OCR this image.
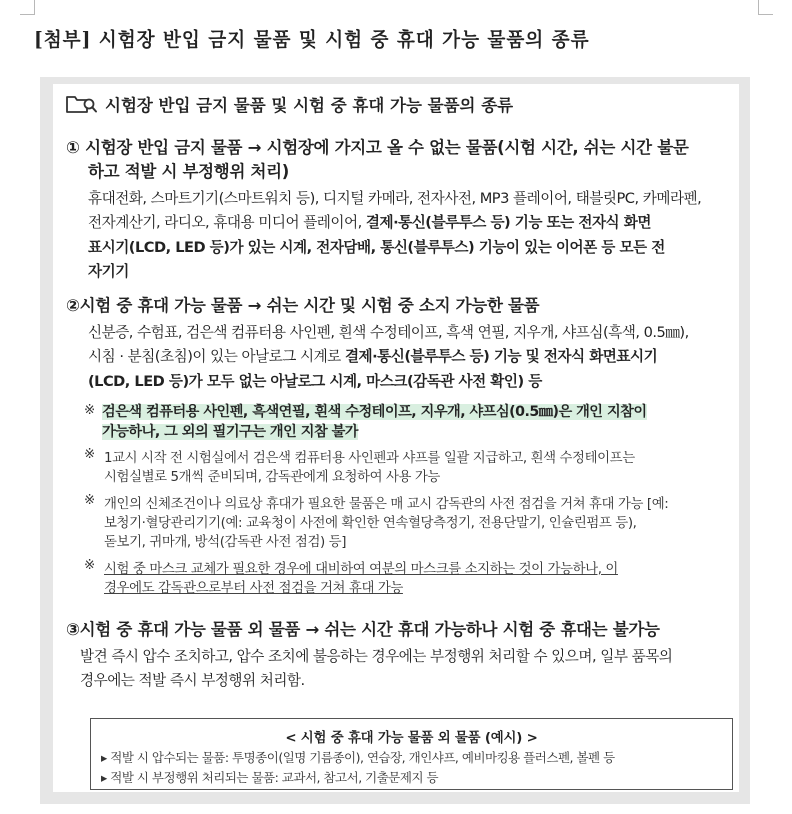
[첨부] 시험장 반입 금지 물품 및 시험 중 휴대 가능 물품의 종류
시험장 반입 금지 물품 및 시험 중 휴대 가능 물품의 종류
① 시험장 반입 금지 물품 → 시험장에 가지고 올 수 없는 물품(시험 시간, 쉬는 시간 불문
하고 적발 시 부정행위 처리)
휴대전화, 스마트기기(스마트워치 등), 디지털 카메라, 전자사전, MP3 플레이어, 태블릿PC, 카메라펜,
전자계산기, 라디오, 휴대용 미디어 플레이어, 결제·통신(블루투스 등) 기능 또는 전자식 화면
표시기(LCD, LED 등)가 있는 시계, 전자담배, 통신(블루투스) 기능이 있는 이어폰 등 모든 전
자기기
②시험 중 휴대 가능 물품 → 쉬는 시간 및 시험 중 소지 가능한 물품
신분증, 수험표, 검은색 컴퓨터용 사인펜, 흰색 수정테이프, 흑색 연필, 지우개, 샤프심(흑색, 0.5㎜),
시침 · 분침(초침)이 있는 아날로그 시계로 결제·통신(블루투스 등) 기능 및 전자식 화면표시기
(LCD, LED 등)가 모두 없는 아날로그 시계, 마스크(감독관 사전 확인) 등
※ 검은색 컴퓨터용 사인펜, 흑색연필, 흰색 수정테이프, 지우개, 샤프심(0.5㎜)은 개인 지참이
가능하나, 그 외의 필기구는 개인 지참 불가
※ 1교시 시작 전 시험실에서 검은색 컴퓨터용 사인펜과 샤프를 일괄 지급하고, 흰색 수정테이프는
시험실별로 5개씩 준비되며, 감독관에게 요청하여 사용 가능
※ 개인의 신체조건이나 의료상 휴대가 필요한 물품은 매 교시 감독관의 사전 점검을 거쳐 휴대 가능 [예:
보청기·혈당관리기기(예: 교육청이 사전에 확인한 연속혈당측정기, 전용단말기, 인슐린펌프 등),
돋보기, 귀마개, 방석(감독관 사전 점검) 등]
※ 시험 중 마스크 교체가 필요한 경우에 대비하여 여분의 마스크를 소지하는 것이 가능하나, 이
경우에도 감독관으로부터 사전 점검을 거쳐 휴대 가능
③시험 중 휴대 가능 물품 외 물품 → 쉬는 시간 휴대 가능하나 시험 중 휴대는 불가능
발견 즉시 압수 조치하고, 압수 조치에 불응하는 경우에는 부정행위 처리할 수 있으며, 일부 품목의
경우에는 적발 즉시 부정행위 처리함.
< 시험 중 휴대 가능 물품 외 물품 (예시) >
▸ 적발 시 압수되는 물품: 투명종이(일명 기름종이), 연습장, 개인샤프, 예비마킹용 플러스펜, 볼펜 등
▸ 적발 시 부정행위 처리되는 물품: 교과서, 참고서, 기출문제지 등
